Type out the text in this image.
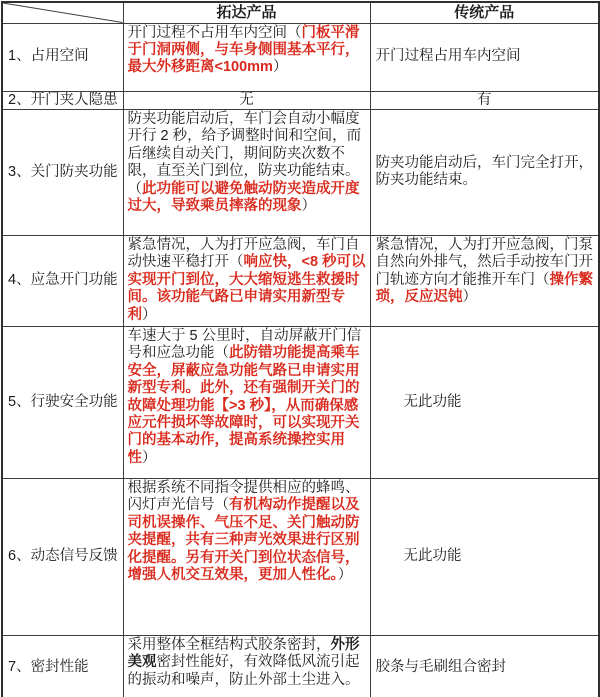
	拓达产品	传统产品
1、占用空间	开门过程不占用车内空间（门板平滑于门洞两侧，与车身侧围基本平行，最大外移距离<100mm）	开门过程占用车内空间
2、开门夹人隐患	无	有
3、关门防夹功能	防夹功能启动后，车门会自动小幅度开行 2 秒，给予调整时间和空间，而后继续自动关门，期间防夹次数不限，直至关门到位，防夹功能结束。（此功能可以避免触动防夹造成开度过大，导致乘员摔落的现象）	防夹功能启动后，车门完全打开，防夹功能结束。
4、应急开门功能	紧急情况，人为打开应急阀，车门自动快速平稳打开（响应快，<8 秒可以实现开门到位，大大缩短逃生救援时间。该功能气路已申请实用新型专利）	紧急情况，人为打开应急阀，门泵自然向外排气，然后手动按车门开门轨迹方向才能推开车门（操作繁琐，反应迟钝）
5、行驶安全功能	车速大于 5 公里时，自动屏蔽开门信号和应急功能（此防错功能提高乘车安全，屏蔽应急功能气路已申请实用新型专利。此外，还有强制开关门的故障处理功能【>3 秒】，从而确保感应元件损坏等故障时，可以实现开关门的基本动作，提高系统操控实用性）	无此功能
6、动态信号反馈	根据系统不同指令提供相应的蜂鸣、闪灯声光信号（有机构动作提醒以及司机误操作、气压不足、关门触动防夹提醒，共有三种声光效果进行区别化提醒。另有开关门到位状态信号，增强人机交互效果，更加人性化。）	无此功能
7、密封性能	采用整体全框结构式胶条密封，外形美观密封性能好，有效降低风流引起的振动和噪声，防止外部土尘进入。	胶条与毛刷组合密封
